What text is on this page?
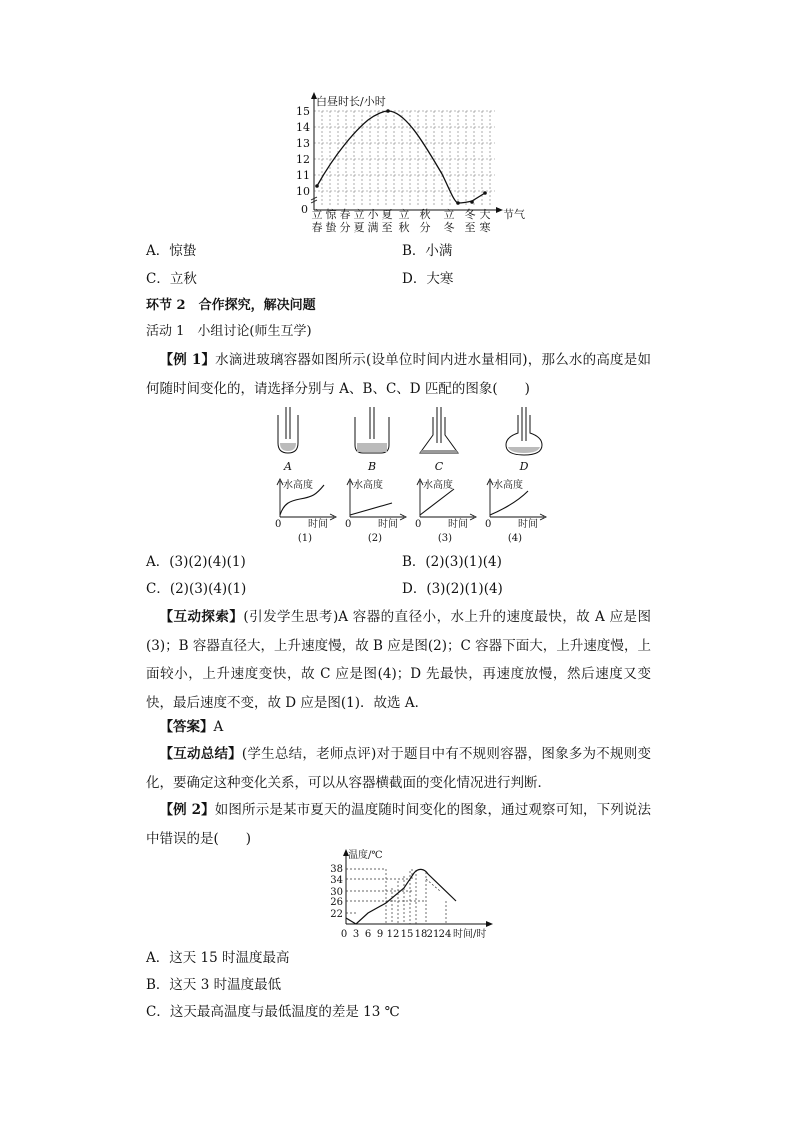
白昼时长/小时
15
14
13
12
11
10
0 立 惊 春 立 小 夏 立 秋 立 冬 大
春 蛰 分 夏 满 至 秋 分 冬 至 寒
节气
A．惊蛰	B．小满
C．立秋	D．大寒
环节 2　合作探究，解决问题
活动 1　小组讨论(师生互学)
【例 1】水滴进玻璃容器如图所示(设单位时间内进水量相同)，那么水的高度是如何随时间变化的，请选择分别与 A、B、C、D 匹配的图象(　　)
A	B	C	D
水高度	水高度	水高度	水高度
0	0	0	0
时间	时间	时间	时间
(1)	(2)	(3)	(4)
A．(3)(2)(4)(1)	B．(2)(3)(1)(4)
C．(2)(3)(4)(1)	D．(3)(2)(1)(4)
【互动探索】(引发学生思考)A 容器的直径小，水上升的速度最快，故 A 应是图(3)；B 容器直径大，上升速度慢，故 B 应是图(2)；C 容器下面大，上升速度慢，上面较小，上升速度变快，故 C 应是图(4)；D 先最快，再速度放慢，然后速度又变快，最后速度不变，故 D 应是图(1)．故选 A．
【答案】A
【互动总结】(学生总结，老师点评)对于题目中有不规则容器，图象多为不规则变化，要确定这种变化关系，可以从容器横截面的变化情况进行判断．
【例 2】如图所示是某市夏天的温度随时间变化的图象，通过观察可知，下列说法中错误的是(　　)
温度/℃
38
34
30
26
22
0 3 6 9 12 15 18 21 24 时间/时
A．这天 15 时温度最高
B．这天 3 时温度最低
C．这天最高温度与最低温度的差是 13 ℃
